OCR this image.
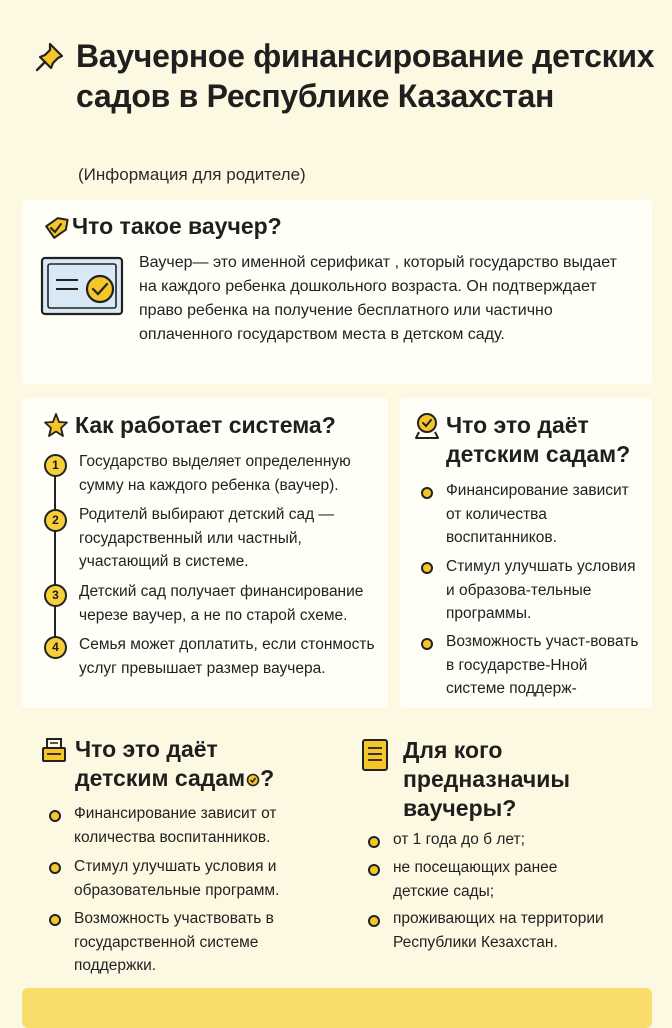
Ваучерное финансирование детских садов в Республике Казахстан
(Информация для родителе)
Что такое ваучер?
Ваучер— это именной серификат , который государство выдает на каждого ребенка дошкольного возраста. Он подтверждает право ребенка на получение бесплатного или частично оплаченного государством места в детском саду.
Как работает система?
1	Государство выделяет определенную сумму на каждого ребенка (ваучер).
2	Родителй выбирают детский сад — государственный или частный, участающий в системе.
3	Детский сад получает финансирование черезе ваучер, а не по старой схеме.
4	Семья может доплатить, если стонмость услуг превышает размер ваучера.
Что это даёт детским садам?
Финансирование зависит от количества воспитанников.
Стимул улучшать условия и образова-тельные программы.
Возможность участ-вовать в государстве-Нной системе поддерж-
Что это даёт детским садам ?
Финансирование зависит от количества воспитанников.
Стимул улучшать условия и образовательные программ.
Возможность участвовать в государственной системе поддержки.
Для кого предназначиы ваучеры?
от 1 года до б лет;
не посещающих ранее детские сады;
проживающих на территории Республики Кезахстан.
